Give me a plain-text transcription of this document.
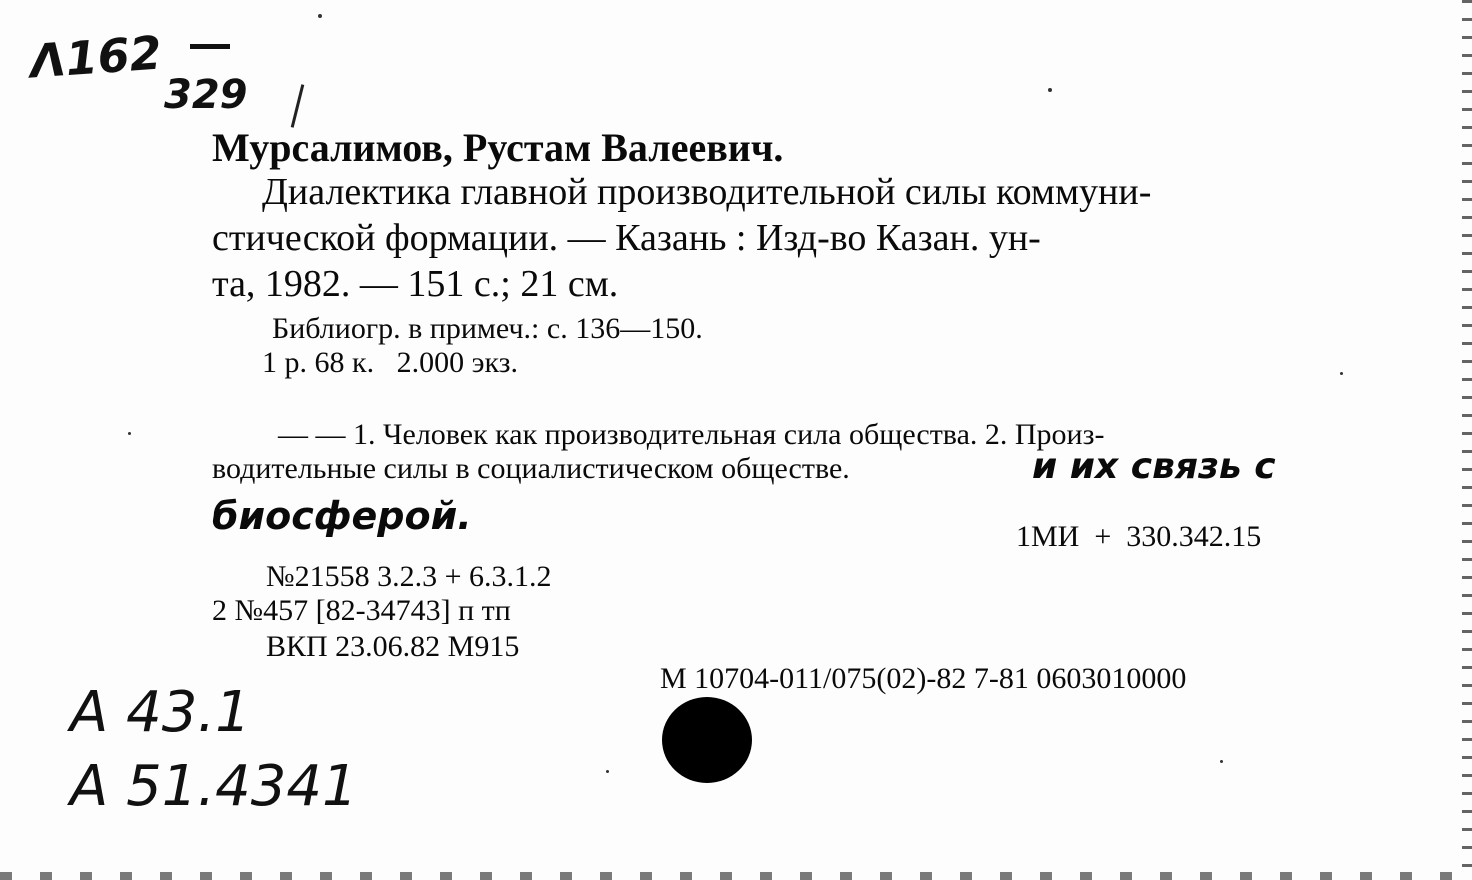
Λ162
329
Мурсалимов, Рустам Валеевич.
Диалектика главной производительной силы коммуни-
стической формации. — Казань : Изд-во Казан. ун-
та, 1982. — 151 с.; 21 см.
Библиогр. в примеч.: с. 136—150.
1 р. 68 к.   2.000 экз.
— — 1. Человек как производительная сила общества. 2. Произ-
водительные силы в социалистическом обществе.	и их связь с
биосферой.	1МИ  +  330.342.15
№21558 3.2.3 + 6.3.1.2
2 №457 [82-34743] п тп
ВКП 23.06.82 М915
М 10704-011/075(02)-82 7-81 0603010000
А 43.1
А 51.4341
